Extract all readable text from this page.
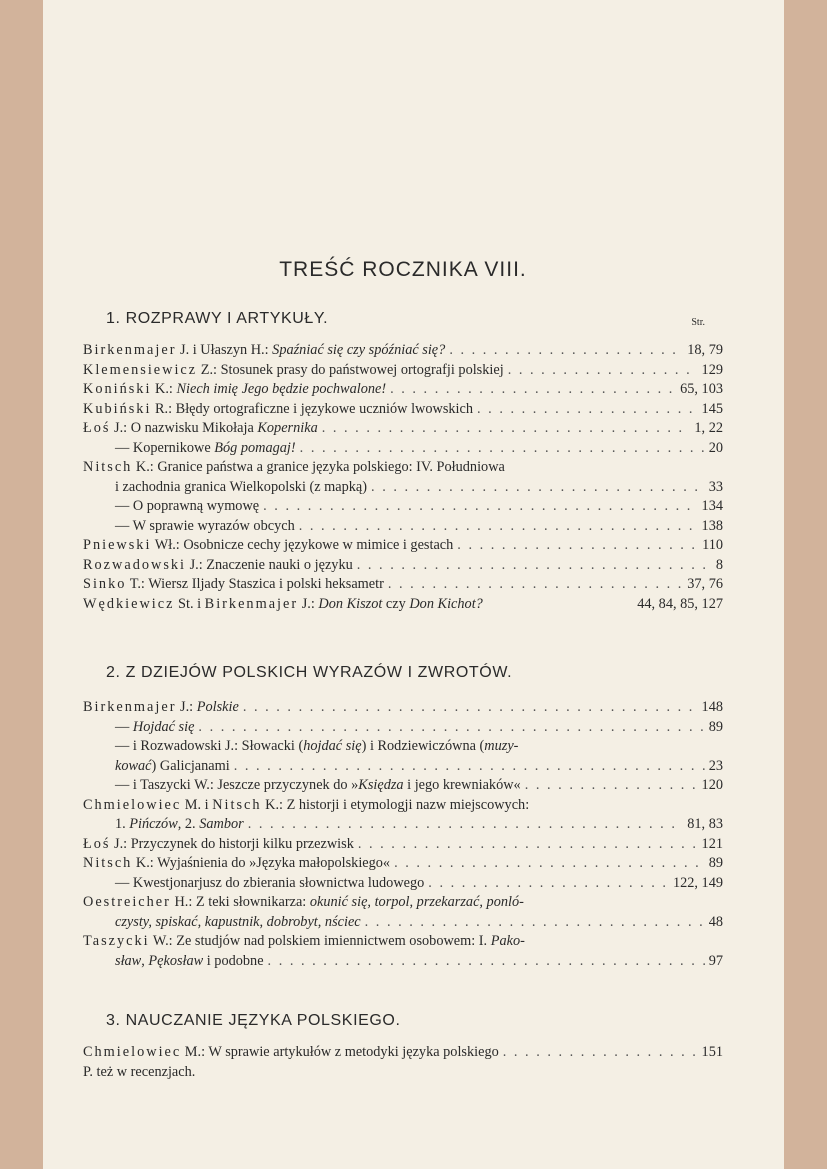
TREŚĆ ROCZNIKA VIII.
Str.
1. ROZPRAWY I ARTYKUŁY.
Birkenmajer J. i Ułaszyn H.: Spaźniać się czy spóźniać się? . . .	18, 79
Klemensiewicz Z.: Stosunek prasy do państwowej ortografji polskiej . . .	129
Koniński K.: Niech imię Jego będzie pochwalone! . . .	65, 103
Kubiński R.: Błędy ortograficzne i językowe uczniów lwowskich . . .	145
Łoś J.: O nazwisku Mikołaja Kopernika . . .	1, 22
— Kopernikowe Bóg pomagaj! . . .	20
Nitsch K.: Granice państwa a granice języka polskiego: IV. Południowa
i zachodnia granica Wielkopolski (z mapką) . . .	33
— O poprawną wymowę . . .	134
— W sprawie wyrazów obcych . . .	138
Pniewski Wł.: Osobnicze cechy językowe w mimice i gestach . . .	110
Rozwadowski J.: Znaczenie nauki o języku . . .	8
Sinko T.: Wiersz Iljady Staszica i polski heksametr . . .	37, 76
Wędkiewicz St. i Birkenmajer J.: Don Kiszot czy Don Kichot?	44, 84, 85, 127
2. Z DZIEJÓW POLSKICH WYRAZÓW I ZWROTÓW.
Birkenmajer J.: Polskie . . .	148
— Hojdać się . . .	89
— i Rozwadowski J.: Słowacki (hojdać się) i Rodziewiczówna (muzy-
kować) Galicjanami . . .	23
— i Taszycki W.: Jeszcze przyczynek do »Księdza i jego krewniaków« . . .	120
Chmielowiec M. i Nitsch K.: Z historji i etymologji nazw miejscowych:
1. Pińczów, 2. Sambor . . .	81, 83
Łoś J.: Przyczynek do historji kilku przezwisk . . .	121
Nitsch K.: Wyjaśnienia do »Języka małopolskiego« . . .	89
— Kwestjonarjusz do zbierania słownictwa ludowego . . .	122, 149
Oestreicher H.: Z teki słownikarza: okunić się, torpol, przekarzać, ponló-
czysty, spiskać, kapustnik, dobrobyt, nściec . . .	48
Taszycki W.: Ze studjów nad polskiem imiennictwem osobowem: I. Pako-
sław, Pękosław i podobne . . .	97
3. NAUCZANIE JĘZYKA POLSKIEGO.
Chmielowiec M.: W sprawie artykułów z metodyki języka polskiego . . .	151
P. też w recenzjach.
